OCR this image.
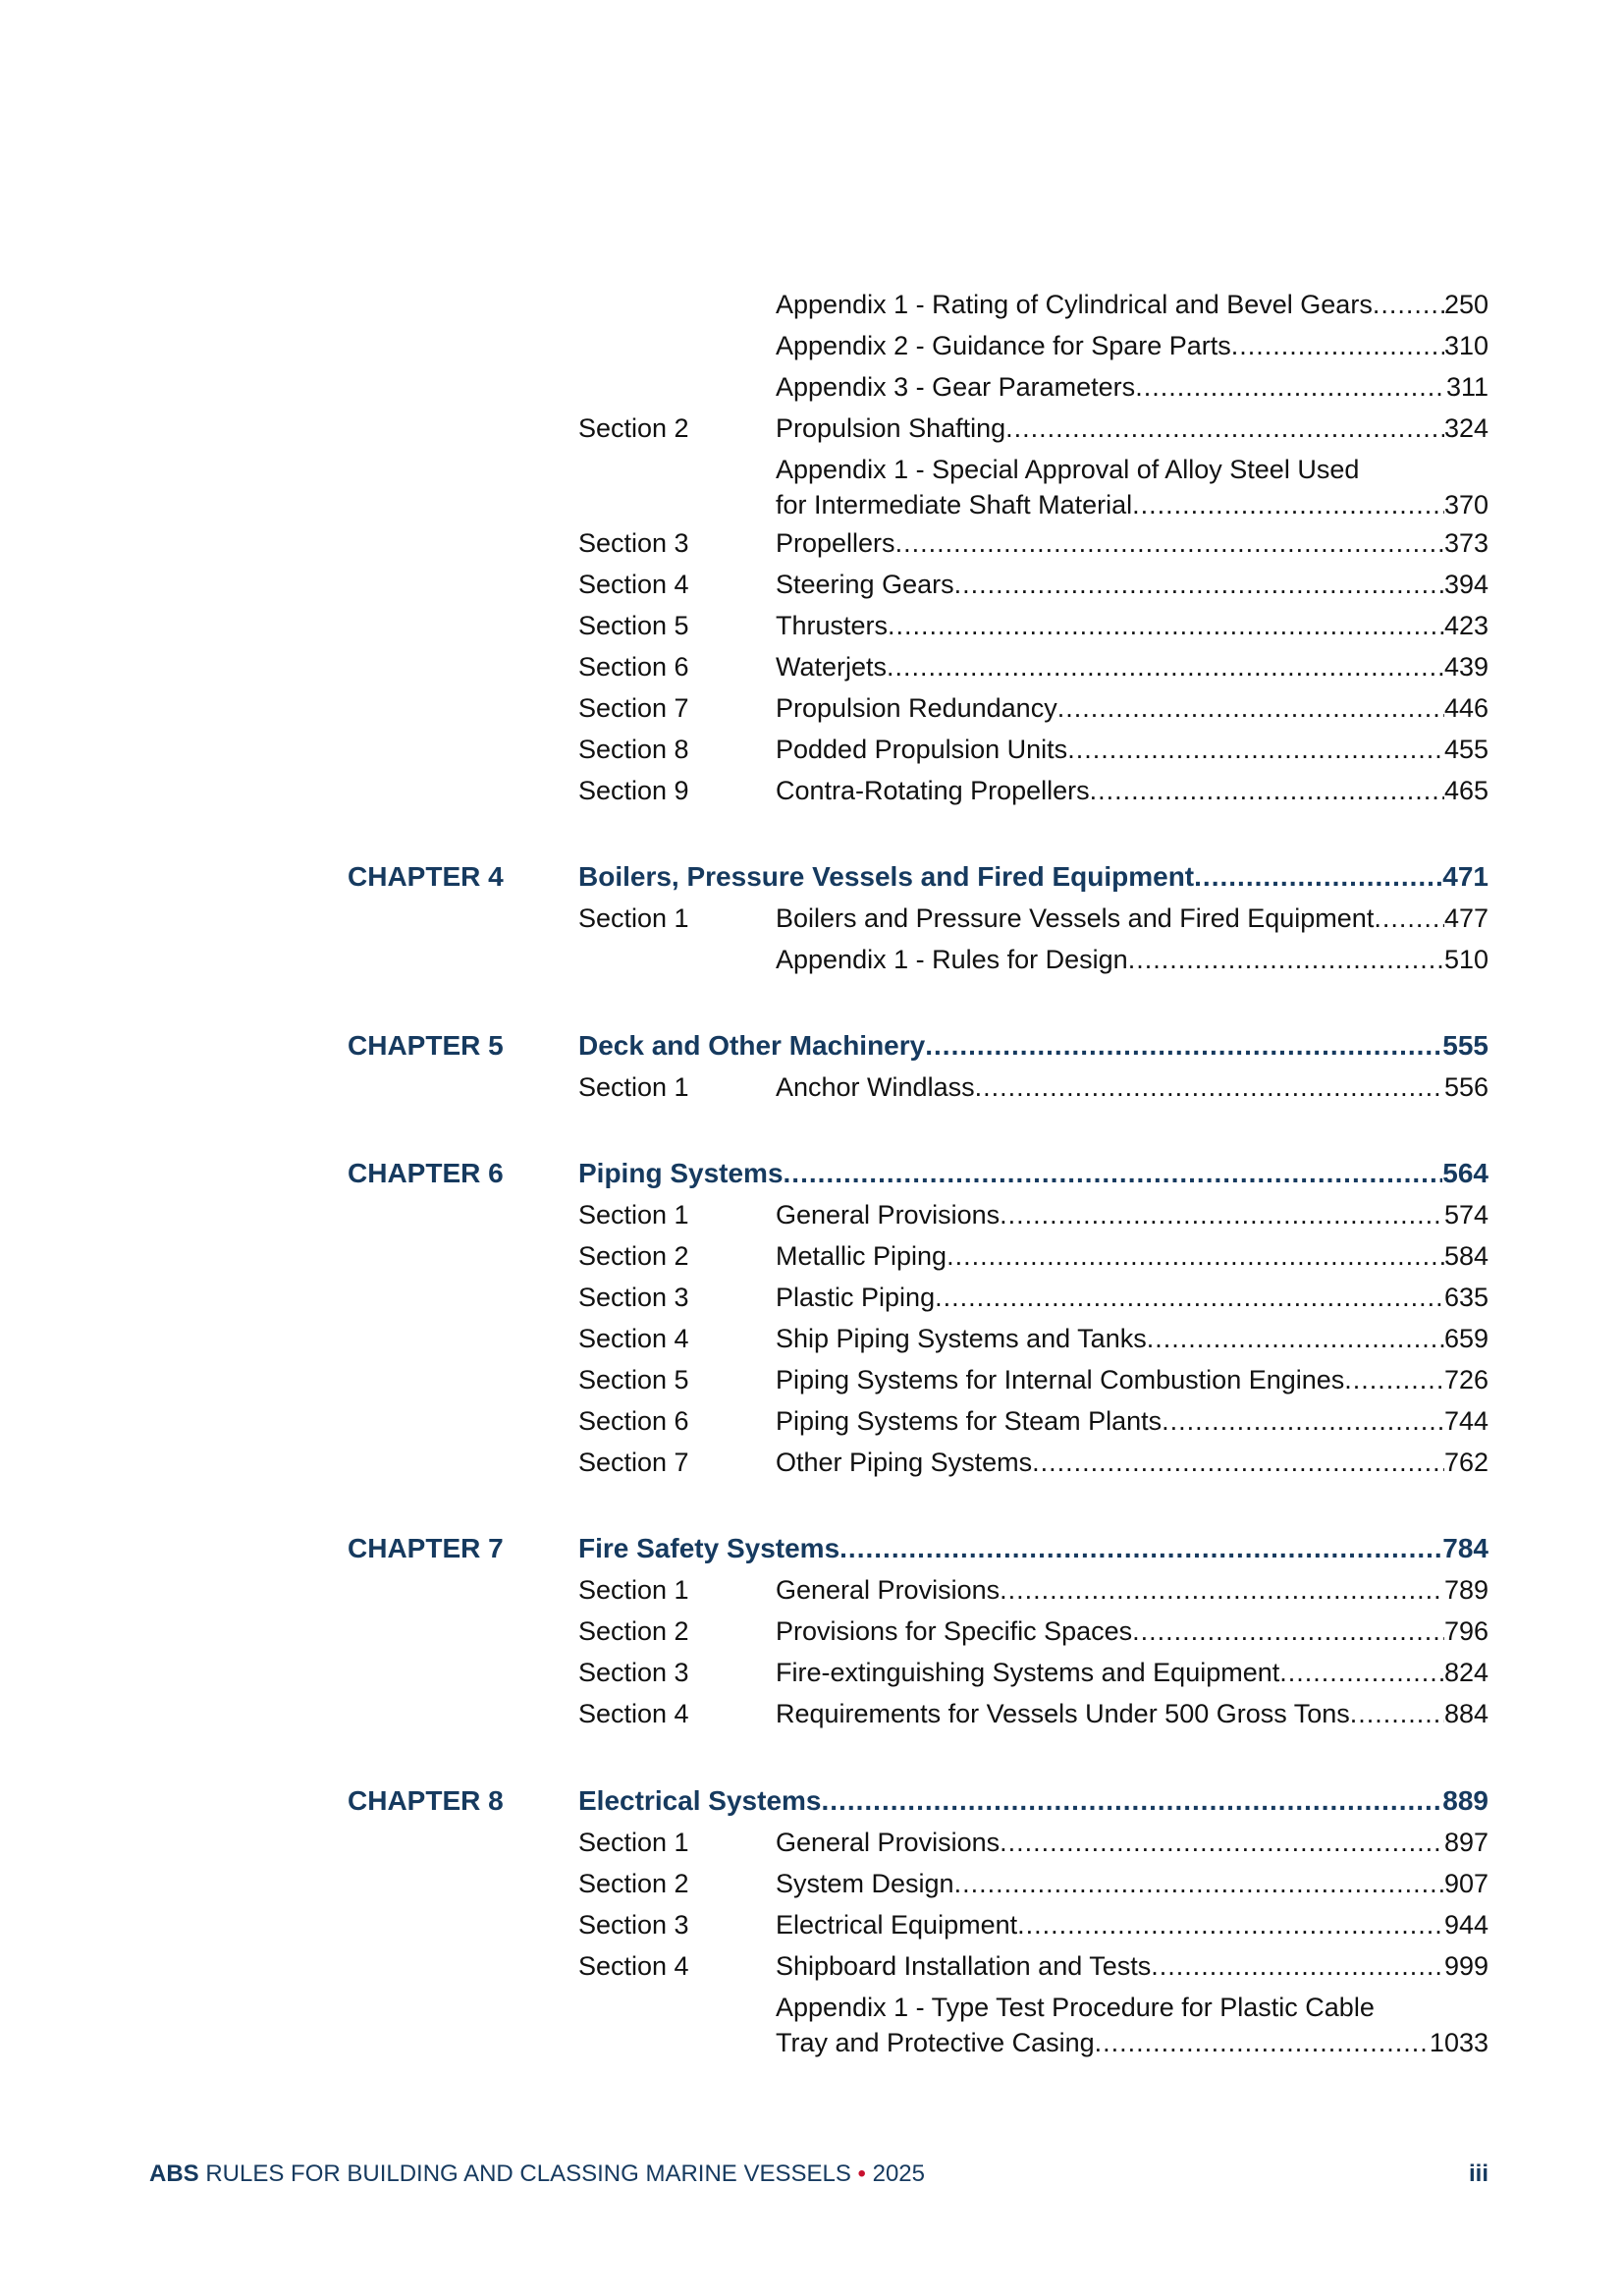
Appendix 1 - Rating of Cylindrical and Bevel Gears .....	250
Appendix 2 - Guidance for Spare Parts .....	310
Appendix 3 - Gear Parameters .....	311
Section 2	Propulsion Shafting .....	324
Appendix 1 - Special Approval of Alloy Steel Used
for Intermediate Shaft Material .....	370
Section 3	Propellers .....	373
Section 4	Steering Gears .....	394
Section 5	Thrusters .....	423
Section 6	Waterjets .....	439
Section 7	Propulsion Redundancy .....	446
Section 8	Podded Propulsion Units .....	455
Section 9	Contra-Rotating Propellers .....	465
CHAPTER 4	Boilers, Pressure Vessels and Fired Equipment .....	471
Section 1	Boilers and Pressure Vessels and Fired Equipment .....	477
Appendix 1 - Rules for Design .....	510
CHAPTER 5	Deck and Other Machinery .....	555
Section 1	Anchor Windlass .....	556
CHAPTER 6	Piping Systems .....	564
Section 1	General Provisions .....	574
Section 2	Metallic Piping .....	584
Section 3	Plastic Piping .....	635
Section 4	Ship Piping Systems and Tanks .....	659
Section 5	Piping Systems for Internal Combustion Engines .....	726
Section 6	Piping Systems for Steam Plants .....	744
Section 7	Other Piping Systems .....	762
CHAPTER 7	Fire Safety Systems .....	784
Section 1	General Provisions .....	789
Section 2	Provisions for Specific Spaces .....	796
Section 3	Fire-extinguishing Systems and Equipment .....	824
Section 4	Requirements for Vessels Under 500 Gross Tons .....	884
CHAPTER 8	Electrical Systems .....	889
Section 1	General Provisions .....	897
Section 2	System Design .....	907
Section 3	Electrical Equipment .....	944
Section 4	Shipboard Installation and Tests .....	999
Appendix 1 - Type Test Procedure for Plastic Cable
Tray and Protective Casing .....	1033
ABS RULES FOR BUILDING AND CLASSING MARINE VESSELS • 2025	iii
